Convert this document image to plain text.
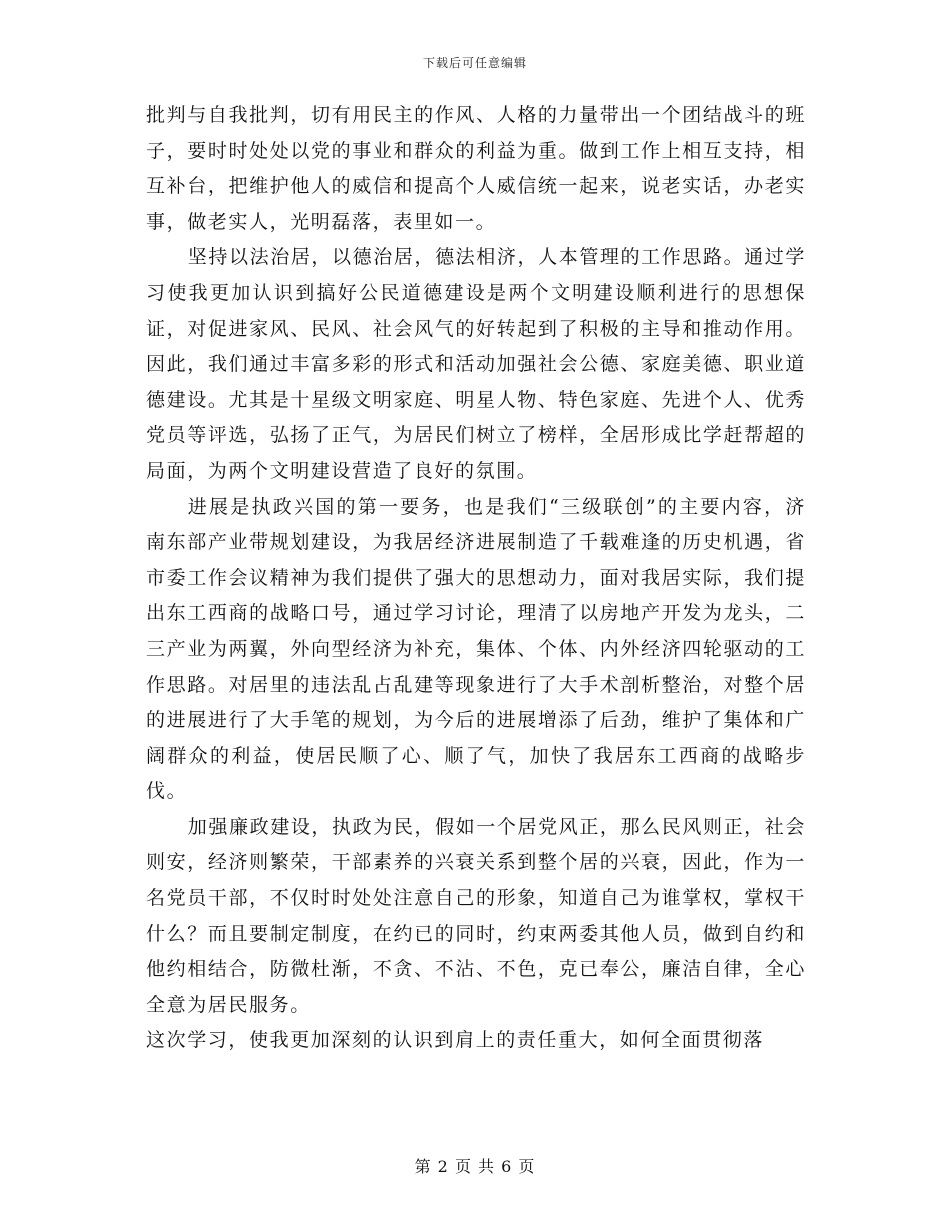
下载后可任意编辑

批判与自我批判，切有用民主的作风、人格的力量带出一个团结战斗的班子，要时时处处以党的事业和群众的利益为重。做到工作上相互支持，相互补台，把维护他人的威信和提高个人威信统一起来，说老实话，办老实事，做老实人，光明磊落，表里如一。

坚持以法治居，以德治居，德法相济，人本管理的工作思路。通过学习使我更加认识到搞好公民道德建设是两个文明建设顺利进行的思想保证，对促进家风、民风、社会风气的好转起到了积极的主导和推动作用。因此，我们通过丰富多彩的形式和活动加强社会公德、家庭美德、职业道德建设。尤其是十星级文明家庭、明星人物、特色家庭、先进个人、优秀党员等评选，弘扬了正气，为居民们树立了榜样，全居形成比学赶帮超的局面，为两个文明建设营造了良好的氛围。

进展是执政兴国的第一要务，也是我们“三级联创”的主要内容，济南东部产业带规划建设，为我居经济进展制造了千载难逢的历史机遇，省市委工作会议精神为我们提供了强大的思想动力，面对我居实际，我们提出东工西商的战略口号，通过学习讨论，理清了以房地产开发为龙头，二三产业为两翼，外向型经济为补充，集体、个体、内外经济四轮驱动的工作思路。对居里的违法乱占乱建等现象进行了大手术剖析整治，对整个居的进展进行了大手笔的规划，为今后的进展增添了后劲，维护了集体和广阔群众的利益，使居民顺了心、顺了气，加快了我居东工西商的战略步伐。

加强廉政建设，执政为民，假如一个居党风正，那么民风则正，社会则安，经济则繁荣，干部素养的兴衰关系到整个居的兴衰，因此，作为一名党员干部，不仅时时处处注意自己的形象，知道自己为谁掌权，掌权干什么？而且要制定制度，在约已的同时，约束两委其他人员，做到自约和他约相结合，防微杜渐，不贪、不沾、不色，克已奉公，廉洁自律，全心全意为居民服务。

这次学习，使我更加深刻的认识到肩上的责任重大，如何全面贯彻落

第 2 页 共 6 页
